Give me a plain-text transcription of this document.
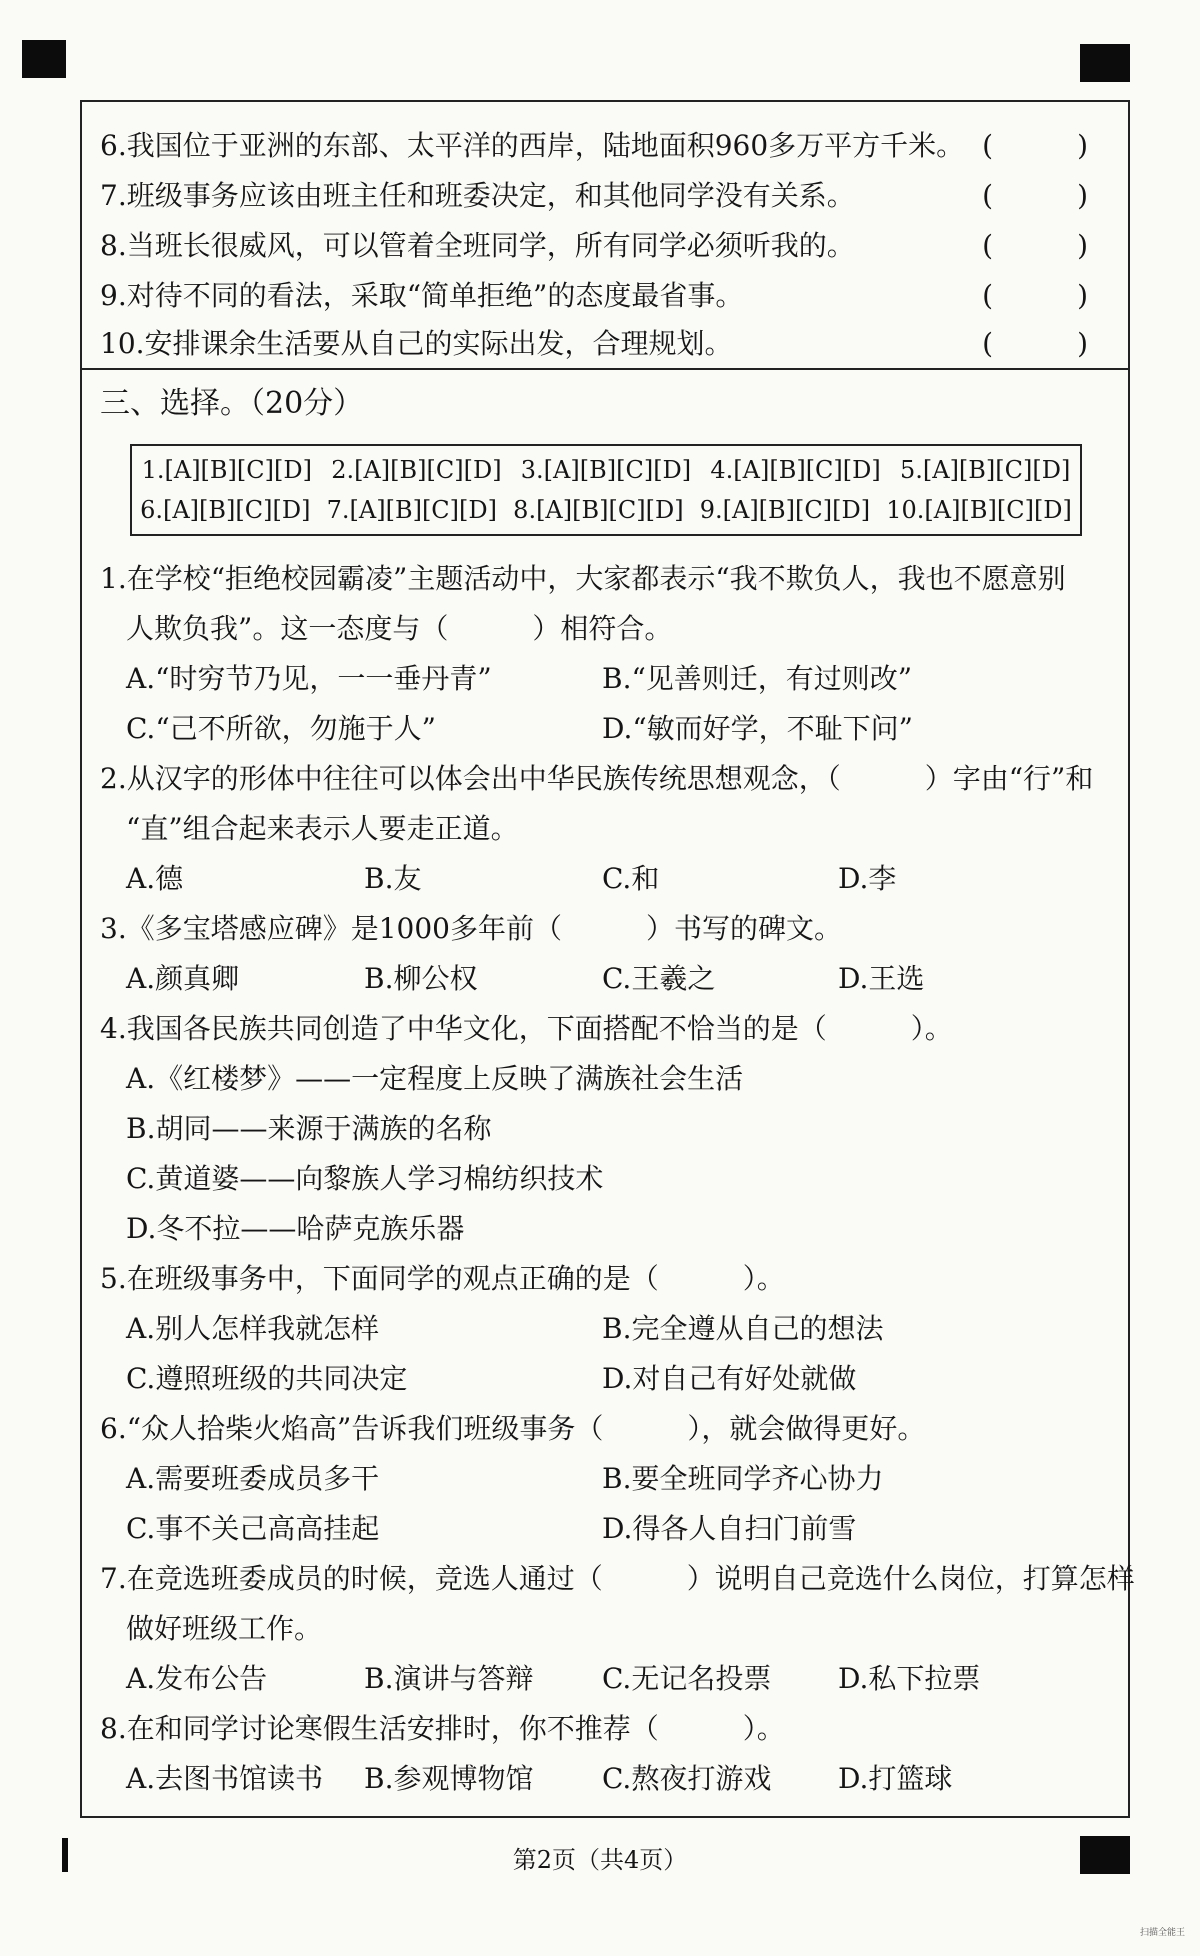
6.我国位于亚洲的东部、太平洋的西岸，陆地面积960多万平方千米。 (　　　)
7.班级事务应该由班主任和班委决定，和其他同学没有关系。	(　　　)
8.当班长很威风，可以管着全班同学，所有同学必须听我的。	(　　　)
9.对待不同的看法，采取“简单拒绝”的态度最省事。	(　　　)
10.安排课余生活要从自己的实际出发，合理规划。	(　　　)
三、选择。（20分）
1.[A][B][C][D] 2.[A][B][C][D] 3.[A][B][C][D] 4.[A][B][C][D] 5.[A][B][C][D]
6.[A][B][C][D] 7.[A][B][C][D] 8.[A][B][C][D] 9.[A][B][C][D] 10.[A][B][C][D]
1.在学校“拒绝校园霸凌”主题活动中，大家都表示“我不欺负人，我也不愿意别
人欺负我”。这一态度与（　　　）相符合。
A.“时穷节乃见，一一垂丹青”	B.“见善则迁，有过则改”
C.“己不所欲，勿施于人”	D.“敏而好学，不耻下问”
2.从汉字的形体中往往可以体会出中华民族传统思想观念，（　　　）字由“行”和
“直”组合起来表示人要走正道。
A.德	B.友	C.和	D.李
3.《多宝塔感应碑》是1000多年前（　　　）书写的碑文。
A.颜真卿	B.柳公权	C.王羲之	D.王选
4.我国各民族共同创造了中华文化，下面搭配不恰当的是（　　　）。
A.《红楼梦》——一定程度上反映了满族社会生活
B.胡同——来源于满族的名称
C.黄道婆——向黎族人学习棉纺织技术
D.冬不拉——哈萨克族乐器
5.在班级事务中，下面同学的观点正确的是（　　　）。
A.别人怎样我就怎样	B.完全遵从自己的想法
C.遵照班级的共同决定	D.对自己有好处就做
6.“众人拾柴火焰高”告诉我们班级事务（　　　），就会做得更好。
A.需要班委成员多干	B.要全班同学齐心协力
C.事不关己高高挂起	D.得各人自扫门前雪
7.在竞选班委成员的时候，竞选人通过（　　　）说明自己竞选什么岗位，打算怎样
做好班级工作。
A.发布公告	B.演讲与答辩 C.无记名投票 D.私下拉票
8.在和同学讨论寒假生活安排时，你不推荐（　　　）。
A.去图书馆读书 B.参观博物馆 C.熬夜打游戏 D.打篮球
第2页（共4页）
扫描全能王
